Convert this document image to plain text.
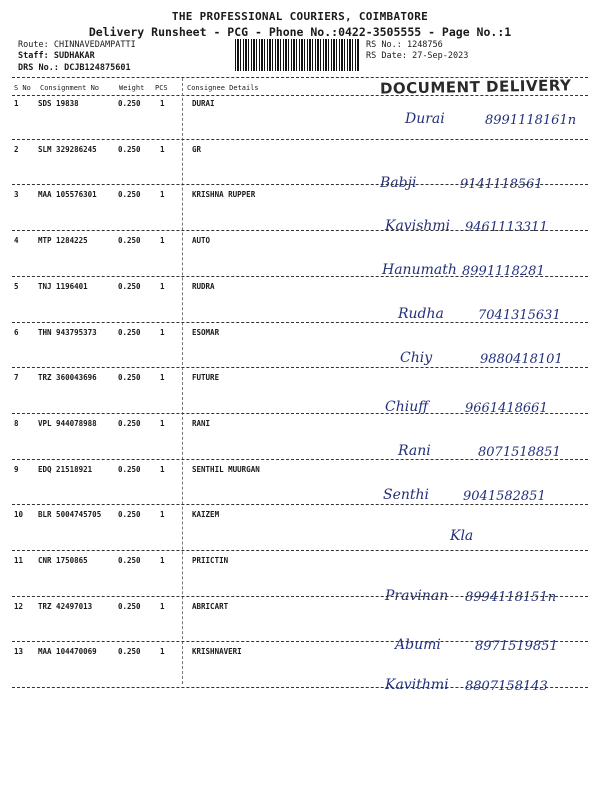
THE PROFESSIONAL COURIERS, COIMBATORE
Delivery Runsheet - PCG - Phone No.:0422-3505555 - Page No.:1
Route: CHINNAVEDAMPATTI
Staff: SUDHAKAR
DRS No.: DCJB124875601
RS No.: 1248756
RS Date: 27-Sep-2023
S No Consignment No	Weight PCS	Consignee Details	DOCUMENT DELIVERY
1	SDS 19838	0.250	1	DURAI
Durai	8991118161n
2	SLM 329286245	0.250	1	GR
Babji	9141118561
3	MAA 105576301	0.250	1	KRISHNA RUPPER
Kavishmi 9461113311
4	MTP 1284225	0.250	1	AUTO
Hanumath 8991118281
5	TNJ 1196401	0.250	1	RUDRA
Rudha	7041315631
6	THN 943795373	0.250	1	ESOMAR
Chiy	9880418101
7	TRZ 360043696	0.250	1	FUTURE
Chiuff	9661418661
8	VPL 944078988	0.250	1	RANI
Rani	8071518851
9	EDQ 21518921	0.250	1	SENTHIL MUURGAN
Senthi	9041582851
10 BLR 5004745705 0.250	1	KAIZEM
Kla
11 CNR 1750865	0.250	1	PRIICTIN
Pravinan 8994118151n
12 TRZ 42497013	0.250	1	ABRICART
Abumi	8971519851
13 MAA 104470069	0.250	1	KRISHNAVERI
Kavithmi 8807158143
